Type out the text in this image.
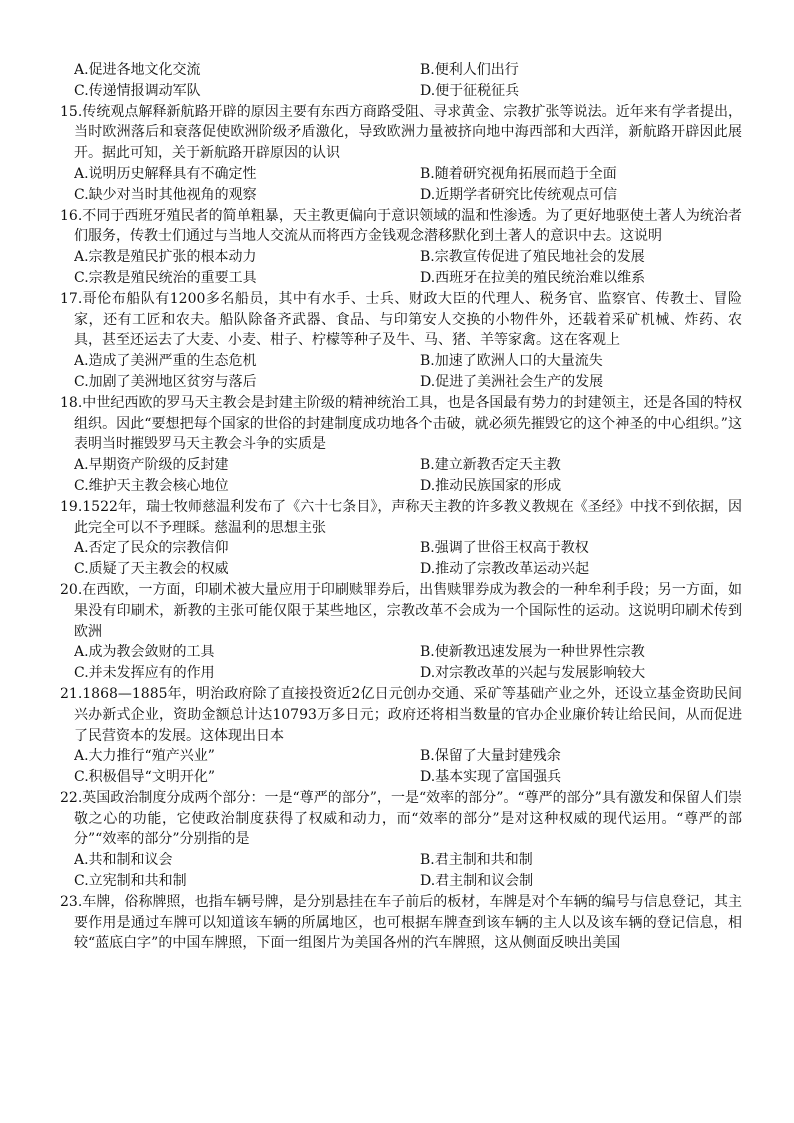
A.促进各地文化交流	B.便利人们出行
C.传递情报调动军队	D.便于征税征兵
15.传统观点解释新航路开辟的原因主要有东西方商路受阻、寻求黄金、宗教扩张等说法。近年来有学者提出，当时欧洲落后和衰落促使欧洲阶级矛盾激化，导致欧洲力量被挤向地中海西部和大西洋，新航路开辟因此展开。据此可知，关于新航路开辟原因的认识
A.说明历史解释具有不确定性	B.随着研究视角拓展而趋于全面
C.缺少对当时其他视角的观察	D.近期学者研究比传统观点可信
16.不同于西班牙殖民者的简单粗暴，天主教更偏向于意识领域的温和性渗透。为了更好地驱使土著人为统治者们服务，传教士们通过与当地人交流从而将西方金钱观念潜移默化到土著人的意识中去。这说明
A.宗教是殖民扩张的根本动力	B.宗教宣传促进了殖民地社会的发展
C.宗教是殖民统治的重要工具	D.西班牙在拉美的殖民统治难以维系
17.哥伦布船队有1200多名船员，其中有水手、士兵、财政大臣的代理人、税务官、监察官、传教士、冒险家，还有工匠和农夫。船队除备齐武器、食品、与印第安人交换的小物件外，还载着采矿机械、炸药、农具，甚至还运去了大麦、小麦、柑子、柠檬等种子及牛、马、猪、羊等家禽。这在客观上
A.造成了美洲严重的生态危机	B.加速了欧洲人口的大量流失
C.加剧了美洲地区贫穷与落后	D.促进了美洲社会生产的发展
18.中世纪西欧的罗马天主教会是封建主阶级的精神统治工具，也是各国最有势力的封建领主，还是各国的特权组织。因此“要想把每个国家的世俗的封建制度成功地各个击破，就必须先摧毁它的这个神圣的中心组织。”这表明当时摧毁罗马天主教会斗争的实质是
A.早期资产阶级的反封建	B.建立新教否定天主教
C.维护天主教会核心地位	D.推动民族国家的形成
19.1522年，瑞士牧师慈温利发布了《六十七条目》，声称天主教的许多教义教规在《圣经》中找不到依据，因此完全可以不予理睬。慈温利的思想主张
A.否定了民众的宗教信仰	B.强调了世俗王权高于教权
C.质疑了天主教会的权威	D.推动了宗教改革运动兴起
20.在西欧，一方面，印刷术被大量应用于印刷赎罪券后，出售赎罪券成为教会的一种牟利手段；另一方面，如果没有印刷术，新教的主张可能仅限于某些地区，宗教改革不会成为一个国际性的运动。这说明印刷术传到欧洲
A.成为教会敛财的工具	B.使新教迅速发展为一种世界性宗教
C.并未发挥应有的作用	D.对宗教改革的兴起与发展影响较大
21.1868—1885年，明治政府除了直接投资近2亿日元创办交通、采矿等基础产业之外，还设立基金资助民间兴办新式企业，资助金额总计达10793万多日元；政府还将相当数量的官办企业廉价转让给民间，从而促进了民营资本的发展。这体现出日本
A.大力推行“殖产兴业”	B.保留了大量封建残余
C.积极倡导“文明开化”	D.基本实现了富国强兵
22.英国政治制度分成两个部分：一是“尊严的部分”，一是“效率的部分”。“尊严的部分”具有激发和保留人们崇敬之心的功能，它使政治制度获得了权威和动力，而“效率的部分”是对这种权威的现代运用。“尊严的部分”“效率的部分”分别指的是
A.共和制和议会	B.君主制和共和制
C.立宪制和共和制	D.君主制和议会制
23.车牌，俗称牌照，也指车辆号牌，是分别悬挂在车子前后的板材，车牌是对个车辆的编号与信息登记，其主要作用是通过车牌可以知道该车辆的所属地区，也可根据车牌查到该车辆的主人以及该车辆的登记信息，相较“蓝底白字”的中国车牌照，下面一组图片为美国各州的汽车牌照，这从侧面反映出美国
